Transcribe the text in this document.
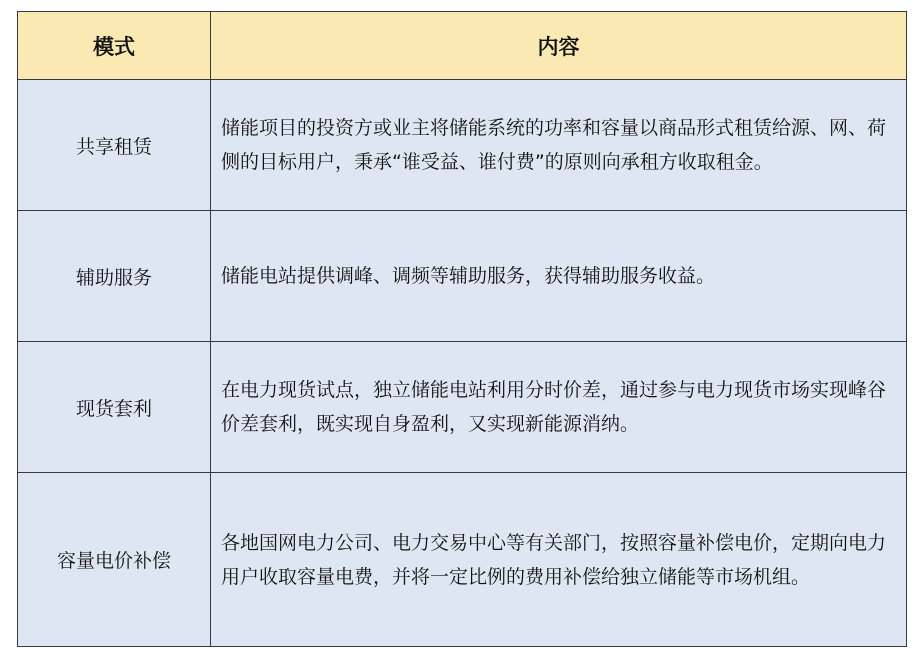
模式	内容
共享租赁	储能项目的投资方或业主将储能系统的功率和容量以商品形式租赁给源、网、荷侧的目标用户，秉承“谁受益、谁付费”的原则向承租方收取租金。
辅助服务	储能电站提供调峰、调频等辅助服务，获得辅助服务收益。
现货套利	在电力现货试点，独立储能电站利用分时价差，通过参与电力现货市场实现峰谷价差套利，既实现自身盈利，又实现新能源消纳。
容量电价补偿	各地国网电力公司、电力交易中心等有关部门，按照容量补偿电价，定期向电力用户收取容量电费，并将一定比例的费用补偿给独立储能等市场机组。
